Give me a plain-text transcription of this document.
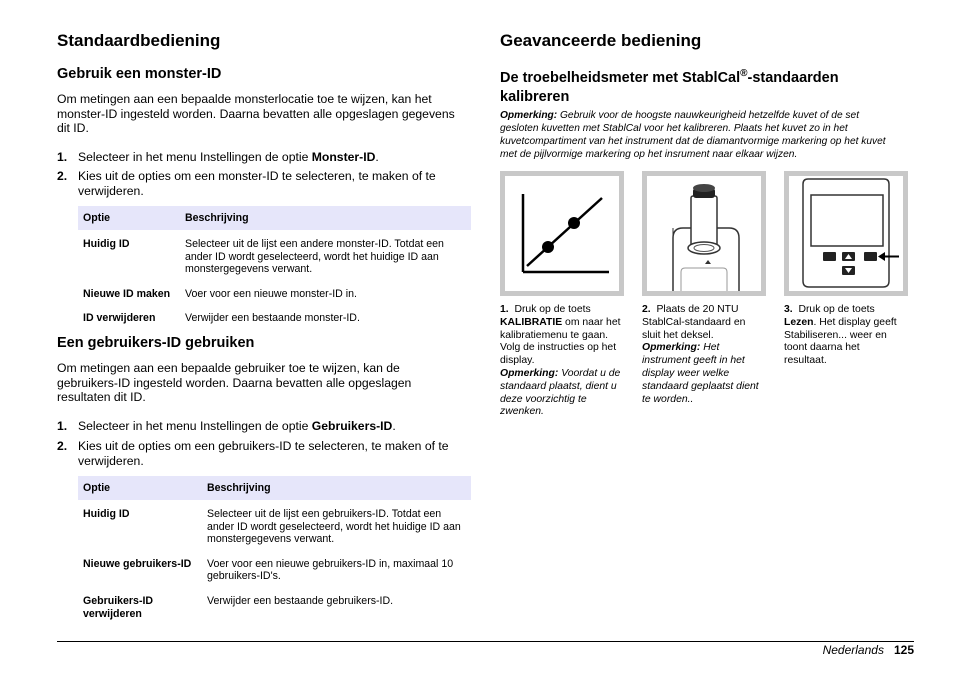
Standaardbediening
Gebruik een monster-ID
Om metingen aan een bepaalde monsterlocatie toe te wijzen, kan het monster-ID ingesteld worden. Daarna bevatten alle opgeslagen gegevens dit ID.
1. Selecteer in het menu Instellingen de optie Monster-ID.
2. Kies uit de opties om een monster-ID te selecteren, te maken of te
verwijderen.
Optie	Beschrijving
Huidig ID	Selecteer uit de lijst een andere monster-ID. Totdat een ander ID wordt geselecteerd, wordt het huidige ID aan monstergegevens verwant.
Nieuwe ID maken	Voer voor een nieuwe monster-ID in.
ID verwijderen	Verwijder een bestaande monster-ID.
Een gebruikers-ID gebruiken
Om metingen aan een bepaalde gebruiker toe te wijzen, kan de gebruikers-ID ingesteld worden. Daarna bevatten alle opgeslagen resultaten dit ID.
1. Selecteer in het menu Instellingen de optie Gebruikers-ID.
2. Kies uit de opties om een gebruikers-ID te selecteren, te maken of te
verwijderen.
Optie	Beschrijving
Huidig ID	Selecteer uit de lijst een gebruikers-ID. Totdat een ander ID wordt geselecteerd, wordt het huidige ID aan monstergegevens verwant.
Nieuwe gebruikers-ID	Voer voor een nieuwe gebruikers-ID in, maximaal 10 gebruikers-ID's.
Gebruikers-ID verwijderen	Verwijder een bestaande gebruikers-ID.
Geavanceerde bediening
De troebelheidsmeter met StablCal®-standaarden
kalibreren
Opmerking: Gebruik voor de hoogste nauwkeurigheid hetzelfde kuvet of de set gesloten kuvetten met StablCal voor het kalibreren. Plaats het kuvet zo in het kuvetcompartiment van het instrument dat de diamantvormige markering op het kuvet met de pijlvormige markering op het insrument naar elkaar wijzen.
1. Druk op de toets KALIBRATIE om naar het kalibratiemenu te gaan. Volg de instructies op het display.
Opmerking: Voordat u de standaard plaatst, dient u deze voorzichtig te zwenken.
2. Plaats de 20 NTU StablCal-standaard en sluit het deksel.
Opmerking: Het instrument geeft in het display weer welke standaard geplaatst dient te worden..
3. Druk op de toets Lezen. Het display geeft Stabiliseren... weer en toont daarna het resultaat.
Nederlands 125
